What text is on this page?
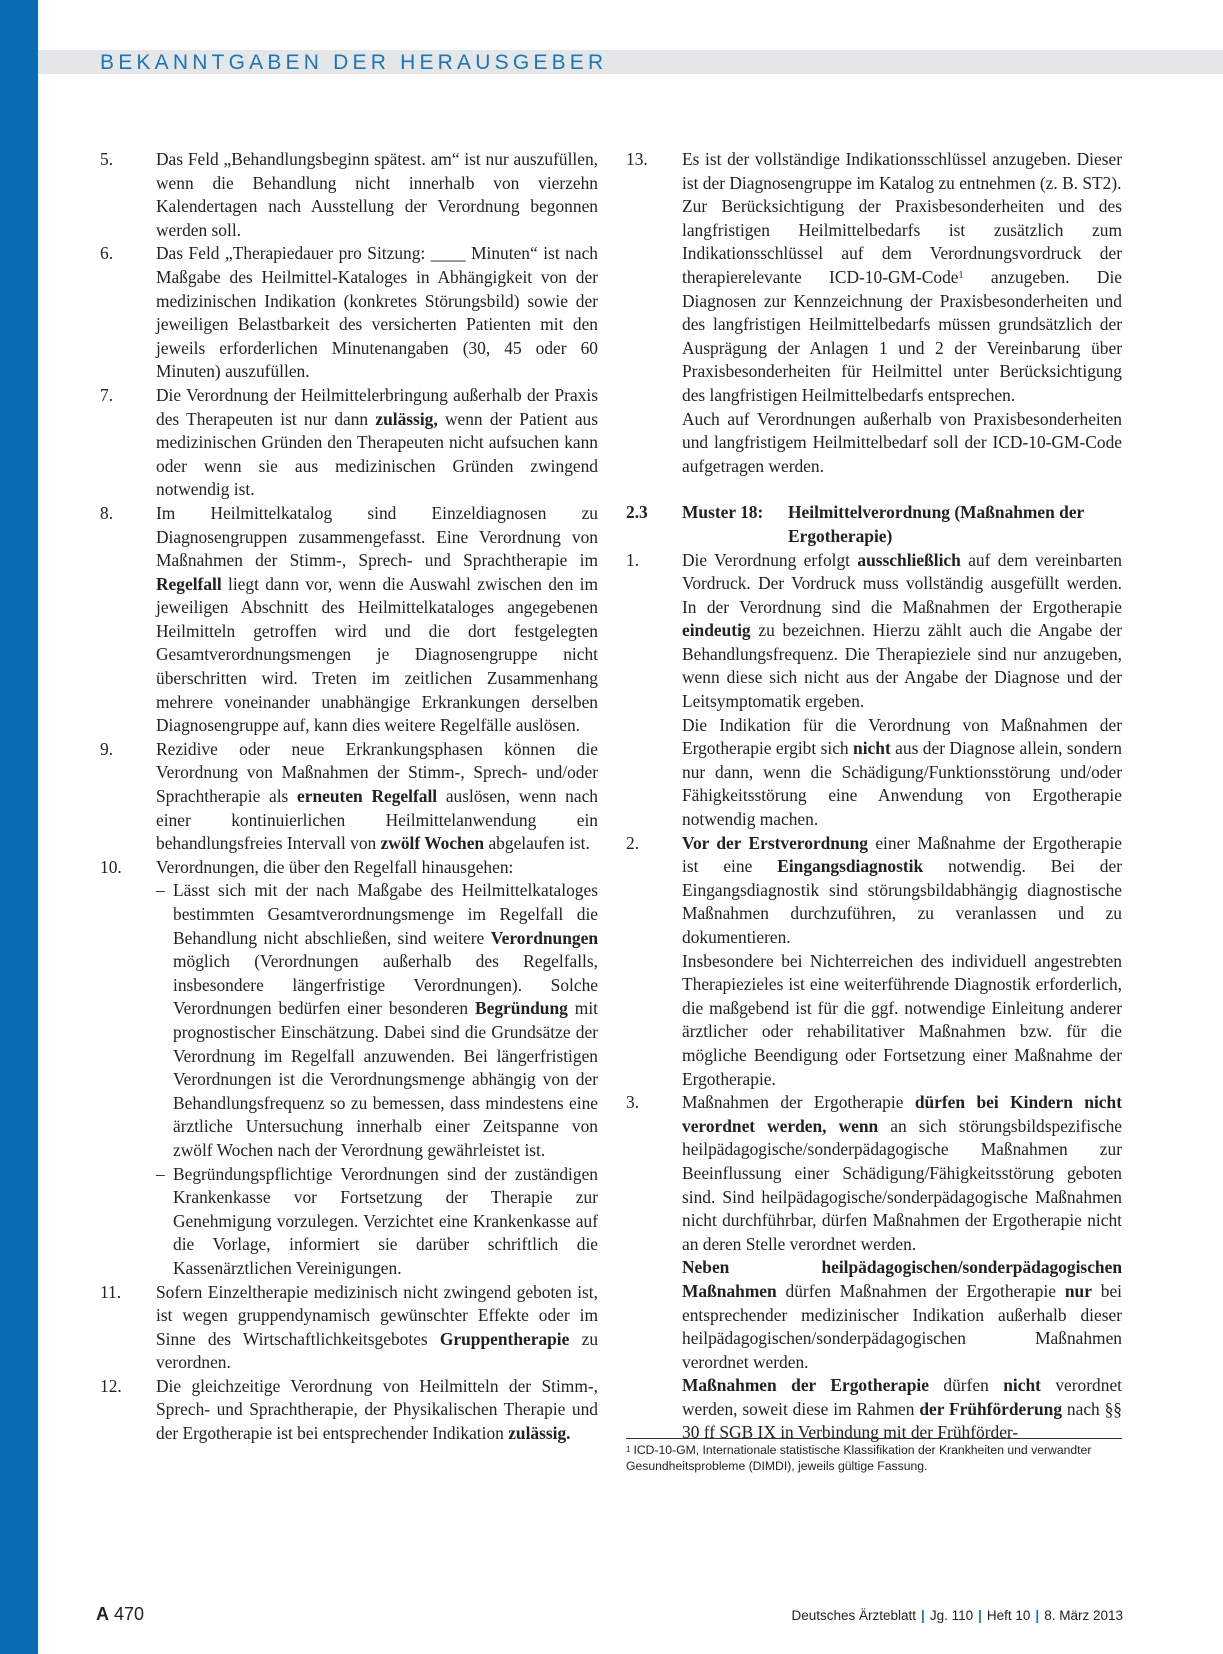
BEKANNTGABEN DER HERAUSGEBER
5. Das Feld „Behandlungsbeginn spätest. am“ ist nur auszufüllen, wenn die Behandlung nicht innerhalb von vierzehn Kalendertagen nach Ausstellung der Verordnung begonnen werden soll.

6. Das Feld „Therapiedauer pro Sitzung: ____ Minuten“ ist nach Maßgabe des Heilmittel-Kataloges in Abhängigkeit von der medizinischen Indikation (konkretes Störungsbild) sowie der jeweiligen Belastbarkeit des versicherten Patienten mit den jeweils erforderlichen Minutenangaben (30, 45 oder 60 Minuten) auszufüllen.

7. Die Verordnung der Heilmittelerbringung außerhalb der Praxis des Therapeuten ist nur dann zulässig, wenn der Patient aus medizinischen Gründen den Therapeuten nicht aufsuchen kann oder wenn sie aus medizinischen Gründen zwingend notwendig ist.

8. Im Heilmittelkatalog sind Einzeldiagnosen zu Diagnosengruppen zusammengefasst. Eine Verordnung von Maßnahmen der Stimm-, Sprech- und Sprachtherapie im Regelfall liegt dann vor, wenn die Auswahl zwischen den im jeweiligen Abschnitt des Heilmittelkataloges angegebenen Heilmitteln getroffen wird und die dort festgelegten Gesamtverordnungsmengen je Diagnosengruppe nicht überschritten wird. Treten im zeitlichen Zusammenhang mehrere voneinander unabhängige Erkrankungen derselben Diagnosengruppe auf, kann dies weitere Regelfälle auslösen.

9. Rezidive oder neue Erkrankungsphasen können die Verordnung von Maßnahmen der Stimm-, Sprech- und/oder Sprachtherapie als erneuten Regelfall auslösen, wenn nach einer kontinuierlichen Heilmittelanwendung ein behandlungsfreies Intervall von zwölf Wochen abgelaufen ist.

10. Verordnungen, die über den Regelfall hinausgehen:

– Lässt sich mit der nach Maßgabe des Heilmittelkataloges bestimmten Gesamtverordnungsmenge im Regelfall die Behandlung nicht abschließen, sind weitere Verordnungen möglich (Verordnungen außerhalb des Regelfalls, insbesondere längerfristige Verordnungen). Solche Verordnungen bedürfen einer besonderen Begründung mit prognostischer Einschätzung. Dabei sind die Grundsätze der Verordnung im Regelfall anzuwenden. Bei längerfristigen Verordnungen ist die Verordnungsmenge abhängig von der Behandlungsfrequenz so zu bemessen, dass mindestens eine ärztliche Untersuchung innerhalb einer Zeitspanne von zwölf Wochen nach der Verordnung gewährleistet ist.

– Begründungspflichtige Verordnungen sind der zuständigen Krankenkasse vor Fortsetzung der Therapie zur Genehmigung vorzulegen. Verzichtet eine Krankenkasse auf die Vorlage, informiert sie darüber schriftlich die Kassenärztlichen Vereinigungen.

11. Sofern Einzeltherapie medizinisch nicht zwingend geboten ist, ist wegen gruppendynamisch gewünschter Effekte oder im Sinne des Wirtschaftlichkeitsgebotes Gruppentherapie zu verordnen.

12. Die gleichzeitige Verordnung von Heilmitteln der Stimm-, Sprech- und Sprachtherapie, der Physikalischen Therapie und der Ergotherapie ist bei entsprechender Indikation zulässig.

13. Es ist der vollständige Indikationsschlüssel anzugeben. Dieser ist der Diagnosengruppe im Katalog zu entnehmen (z. B. ST2).

Zur Berücksichtigung der Praxisbesonderheiten und des langfristigen Heilmittelbedarfs ist zusätzlich zum Indikationsschlüssel auf dem Verordnungsvordruck der therapierelevante ICD-10-GM-Code$^1$ anzugeben. Die Diagnosen zur Kennzeichnung der Praxisbesonderheiten und des langfristigen Heilmittelbedarfs müssen grundsätzlich der Ausprägung der Anlagen 1 und 2 der Vereinbarung über Praxisbesonderheiten für Heilmittel unter Berücksichtigung des langfristigen Heilmittelbedarfs entsprechen.

Auch auf Verordnungen außerhalb von Praxisbesonderheiten und langfristigem Heilmittelbedarf soll der ICD-10-GM-Code aufgetragen werden.

2.3 Muster 18:	Heilmittelverordnung (Maßnahmen der Ergotherapie)
1. Die Verordnung erfolgt ausschließlich auf dem vereinbarten Vordruck. Der Vordruck muss vollständig ausgefüllt werden. In der Verordnung sind die Maßnahmen der Ergotherapie eindeutig zu bezeichnen. Hierzu zählt auch die Angabe der Behandlungsfrequenz. Die Therapieziele sind nur anzugeben, wenn diese sich nicht aus der Angabe der Diagnose und der Leitsymptomatik ergeben.

Die Indikation für die Verordnung von Maßnahmen der Ergotherapie ergibt sich nicht aus der Diagnose allein, sondern nur dann, wenn die Schädigung/Funktionsstörung und/oder Fähigkeitsstörung eine Anwendung von Ergotherapie notwendig machen.

2. Vor der Erstverordnung einer Maßnahme der Ergotherapie ist eine Eingangsdiagnostik notwendig. Bei der Eingangsdiagnostik sind störungsbildabhängig diagnostische Maßnahmen durchzuführen, zu veranlassen und zu dokumentieren.

Insbesondere bei Nichterreichen des individuell angestrebten Therapiezieles ist eine weiterführende Diagnostik erforderlich, die maßgebend ist für die ggf. notwendige Einleitung anderer ärztlicher oder rehabilitativer Maßnahmen bzw. für die mögliche Beendigung oder Fortsetzung einer Maßnahme der Ergotherapie.

3. Maßnahmen der Ergotherapie dürfen bei Kindern nicht verordnet werden, wenn an sich störungsbildspezifische heilpädagogische/sonderpädagogische Maßnahmen zur Beeinflussung einer Schädigung/Fähigkeitsstörung geboten sind. Sind heilpädagogische/sonderpädagogische Maßnahmen nicht durchführbar, dürfen Maßnahmen der Ergotherapie nicht an deren Stelle verordnet werden.

Neben heilpädagogischen/sonderpädagogischen Maßnahmen dürfen Maßnahmen der Ergotherapie nur bei entsprechender medizinischer Indikation außerhalb dieser heilpädagogischen/sonderpädagogischen Maßnahmen verordnet werden.

Maßnahmen der Ergotherapie dürfen nicht verordnet werden, soweit diese im Rahmen der Frühförderung nach §§ 30 ff SGB IX in Verbindung mit der Frühförder-

$^1$ ICD-10-GM, Internationale statistische Klassifikation der Krankheiten und verwandter Gesundheitsprobleme (DIMDI), jeweils gültige Fassung.
A 470	Deutsches Ärzteblatt | Jg. 110 | Heft 10 | 8. März 2013
